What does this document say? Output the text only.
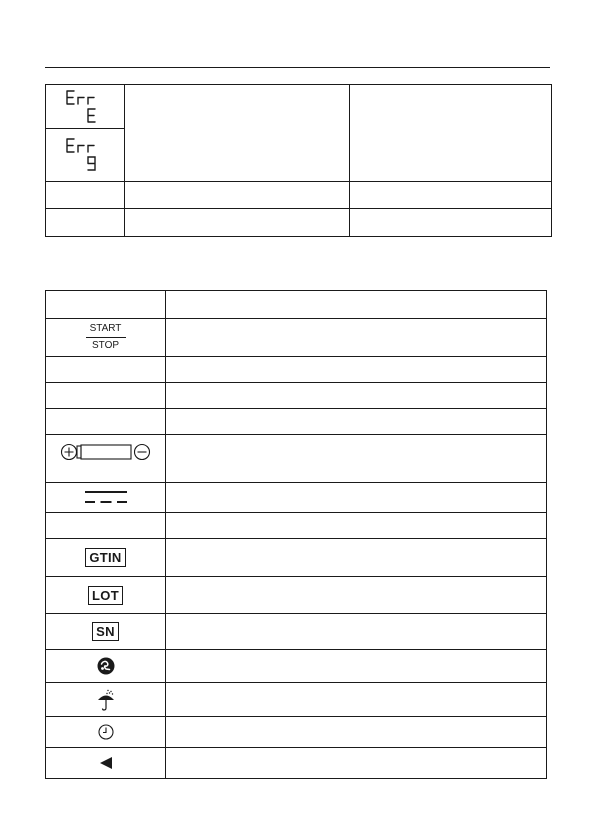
START
STOP	

GTIN	
LOT	
SN	
